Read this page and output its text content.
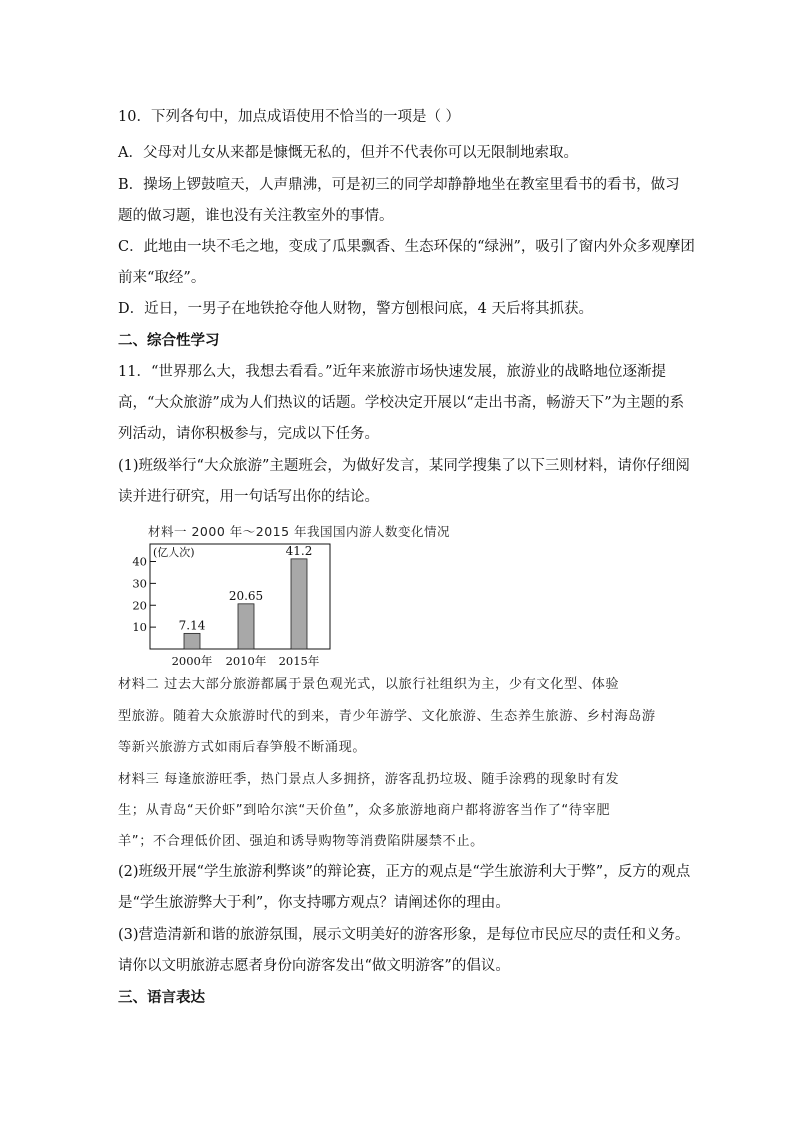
10．下列各句中，加点成语使用不恰当的一项是（ ）
A．父母对儿女从来都是慷慨无私的，但并不代表你可以无限制地索取。
B．操场上锣鼓喧天，人声鼎沸，可是初三的同学却静静地坐在教室里看书的看书，做习
题的做习题，谁也没有关注教室外的事情。
C．此地由一块不毛之地，变成了瓜果飘香、生态环保的“绿洲”，吸引了窗内外众多观摩团
前来“取经”。
D．近日，一男子在地铁抢夺他人财物，警方刨根问底，4 天后将其抓获。
二、综合性学习
11．“世界那么大，我想去看看。”近年来旅游市场快速发展，旅游业的战略地位逐渐提
高，“大众旅游”成为人们热议的话题。学校决定开展以“走出书斋，畅游天下”为主题的系
列活动，请你积极参与，完成以下任务。
(1)班级举行“大众旅游”主题班会，为做好发言，某同学搜集了以下三则材料，请你仔细阅
读并进行研究，用一句话写出你的结论。
材料一 2000 年～2015 年我国国内游人数变化情况
(亿人次)
10
20
30
40
7.14
2000年
20.65
2010年
41.2
2015年
材料二 过去大部分旅游都属于景色观光式，以旅行社组织为主，少有文化型、体验
型旅游。随着大众旅游时代的到来，青少年游学、文化旅游、生态养生旅游、乡村海岛游
等新兴旅游方式如雨后春笋般不断涌现。
材料三 每逢旅游旺季，热门景点人多拥挤，游客乱扔垃圾、随手涂鸦的现象时有发
生；从青岛“天价虾”到哈尔滨“天价鱼”，众多旅游地商户都将游客当作了“待宰肥
羊”；不合理低价团、强迫和诱导购物等消费陷阱屡禁不止。
(2)班级开展“学生旅游利弊谈”的辩论赛，正方的观点是“学生旅游利大于弊”，反方的观点
是“学生旅游弊大于利”，你支持哪方观点？请阐述你的理由。
(3)营造清新和谐的旅游氛围，展示文明美好的游客形象，是每位市民应尽的责任和义务。
请你以文明旅游志愿者身份向游客发出“做文明游客”的倡议。
三、语言表达
